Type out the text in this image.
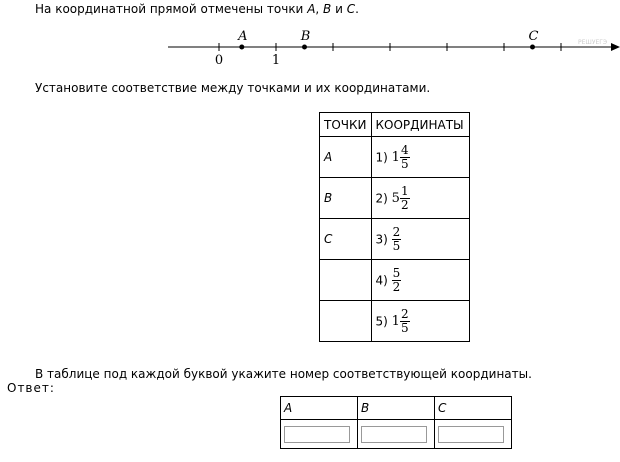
На координатной прямой отмечены точки A, B и C.
0	1
A	B	C	РЕШУЕГЭ
Установите соответствие между точками и их координатами.
ТОЧКИ	КООРДИНАТЫ
A	1) $1 \frac{4}{5}$

B	2) $5 \frac{1}{2}$

C	$3) \frac{2}{5}$

	$4) \frac{5}{2}$

	5) $1 \frac{2}{5}$
В таблице под каждой буквой укажите номер соответствующей координаты.
Ответ:
A	B	C
